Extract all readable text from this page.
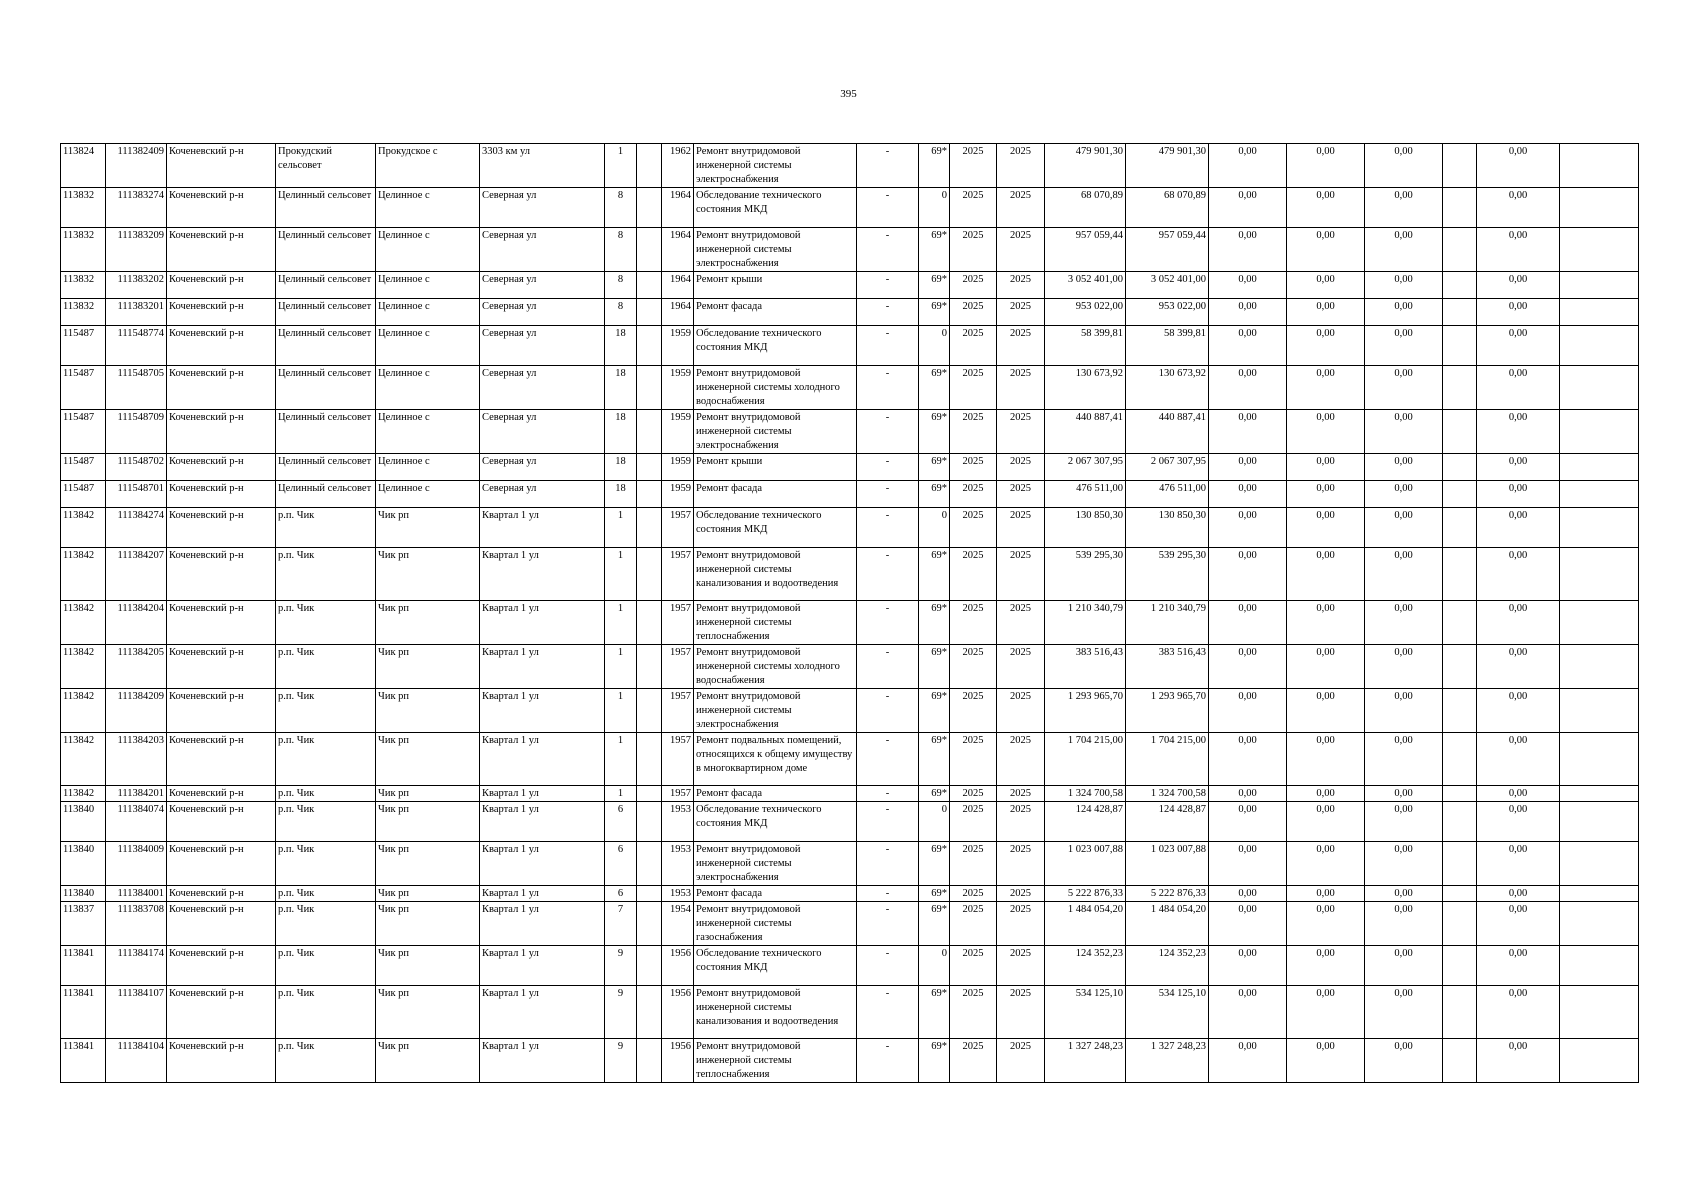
395
113824	111382409	Коченевский р-н	Прокудский сельсовет	Прокудское с	3303 км ул	1		1962	Ремонт внутридомовой инженерной системы электроснабжения	-	69*	2025	2025	479 901,30	479 901,30	0,00	0,00	0,00		0,00	
113832	111383274	Коченевский р-н	Целинный сельсовет	Целинное с	Северная ул	8		1964	Обследование технического состояния МКД	-	0	2025	2025	68 070,89	68 070,89	0,00	0,00	0,00		0,00	
113832	111383209	Коченевский р-н	Целинный сельсовет	Целинное с	Северная ул	8		1964	Ремонт внутридомовой инженерной системы электроснабжения	-	69*	2025	2025	957 059,44	957 059,44	0,00	0,00	0,00		0,00	
113832	111383202	Коченевский р-н	Целинный сельсовет	Целинное с	Северная ул	8		1964	Ремонт крыши	-	69*	2025	2025	3 052 401,00	3 052 401,00	0,00	0,00	0,00		0,00	
113832	111383201	Коченевский р-н	Целинный сельсовет	Целинное с	Северная ул	8		1964	Ремонт фасада	-	69*	2025	2025	953 022,00	953 022,00	0,00	0,00	0,00		0,00	
115487	111548774	Коченевский р-н	Целинный сельсовет	Целинное с	Северная ул	18		1959	Обследование технического состояния МКД	-	0	2025	2025	58 399,81	58 399,81	0,00	0,00	0,00		0,00	
115487	111548705	Коченевский р-н	Целинный сельсовет	Целинное с	Северная ул	18		1959	Ремонт внутридомовой инженерной системы холодного водоснабжения	-	69*	2025	2025	130 673,92	130 673,92	0,00	0,00	0,00		0,00	
115487	111548709	Коченевский р-н	Целинный сельсовет	Целинное с	Северная ул	18		1959	Ремонт внутридомовой инженерной системы электроснабжения	-	69*	2025	2025	440 887,41	440 887,41	0,00	0,00	0,00		0,00	
115487	111548702	Коченевский р-н	Целинный сельсовет	Целинное с	Северная ул	18		1959	Ремонт крыши	-	69*	2025	2025	2 067 307,95	2 067 307,95	0,00	0,00	0,00		0,00	
115487	111548701	Коченевский р-н	Целинный сельсовет	Целинное с	Северная ул	18		1959	Ремонт фасада	-	69*	2025	2025	476 511,00	476 511,00	0,00	0,00	0,00		0,00	
113842	111384274	Коченевский р-н	р.п. Чик	Чик рп	Квартал 1 ул	1		1957	Обследование технического состояния МКД	-	0	2025	2025	130 850,30	130 850,30	0,00	0,00	0,00		0,00	
113842	111384207	Коченевский р-н	р.п. Чик	Чик рп	Квартал 1 ул	1		1957	Ремонт внутридомовой инженерной системы канализования и водоотведения	-	69*	2025	2025	539 295,30	539 295,30	0,00	0,00	0,00		0,00	
113842	111384204	Коченевский р-н	р.п. Чик	Чик рп	Квартал 1 ул	1		1957	Ремонт внутридомовой инженерной системы теплоснабжения	-	69*	2025	2025	1 210 340,79	1 210 340,79	0,00	0,00	0,00		0,00	
113842	111384205	Коченевский р-н	р.п. Чик	Чик рп	Квартал 1 ул	1		1957	Ремонт внутридомовой инженерной системы холодного водоснабжения	-	69*	2025	2025	383 516,43	383 516,43	0,00	0,00	0,00		0,00	
113842	111384209	Коченевский р-н	р.п. Чик	Чик рп	Квартал 1 ул	1		1957	Ремонт внутридомовой инженерной системы электроснабжения	-	69*	2025	2025	1 293 965,70	1 293 965,70	0,00	0,00	0,00		0,00	
113842	111384203	Коченевский р-н	р.п. Чик	Чик рп	Квартал 1 ул	1		1957	Ремонт подвальных помещений, относящихся к общему имуществу в многоквартирном доме	-	69*	2025	2025	1 704 215,00	1 704 215,00	0,00	0,00	0,00		0,00	
113842	111384201	Коченевский р-н	р.п. Чик	Чик рп	Квартал 1 ул	1		1957	Ремонт фасада	-	69*	2025	2025	1 324 700,58	1 324 700,58	0,00	0,00	0,00		0,00	
113840	111384074	Коченевский р-н	р.п. Чик	Чик рп	Квартал 1 ул	6		1953	Обследование технического состояния МКД	-	0	2025	2025	124 428,87	124 428,87	0,00	0,00	0,00		0,00	
113840	111384009	Коченевский р-н	р.п. Чик	Чик рп	Квартал 1 ул	6		1953	Ремонт внутридомовой инженерной системы электроснабжения	-	69*	2025	2025	1 023 007,88	1 023 007,88	0,00	0,00	0,00		0,00	
113840	111384001	Коченевский р-н	р.п. Чик	Чик рп	Квартал 1 ул	6		1953	Ремонт фасада	-	69*	2025	2025	5 222 876,33	5 222 876,33	0,00	0,00	0,00		0,00	
113837	111383708	Коченевский р-н	р.п. Чик	Чик рп	Квартал 1 ул	7		1954	Ремонт внутридомовой инженерной системы газоснабжения	-	69*	2025	2025	1 484 054,20	1 484 054,20	0,00	0,00	0,00		0,00	
113841	111384174	Коченевский р-н	р.п. Чик	Чик рп	Квартал 1 ул	9		1956	Обследование технического состояния МКД	-	0	2025	2025	124 352,23	124 352,23	0,00	0,00	0,00		0,00	
113841	111384107	Коченевский р-н	р.п. Чик	Чик рп	Квартал 1 ул	9		1956	Ремонт внутридомовой инженерной системы канализования и водоотведения	-	69*	2025	2025	534 125,10	534 125,10	0,00	0,00	0,00		0,00	
113841	111384104	Коченевский р-н	р.п. Чик	Чик рп	Квартал 1 ул	9		1956	Ремонт внутридомовой инженерной системы теплоснабжения	-	69*	2025	2025	1 327 248,23	1 327 248,23	0,00	0,00	0,00		0,00	
